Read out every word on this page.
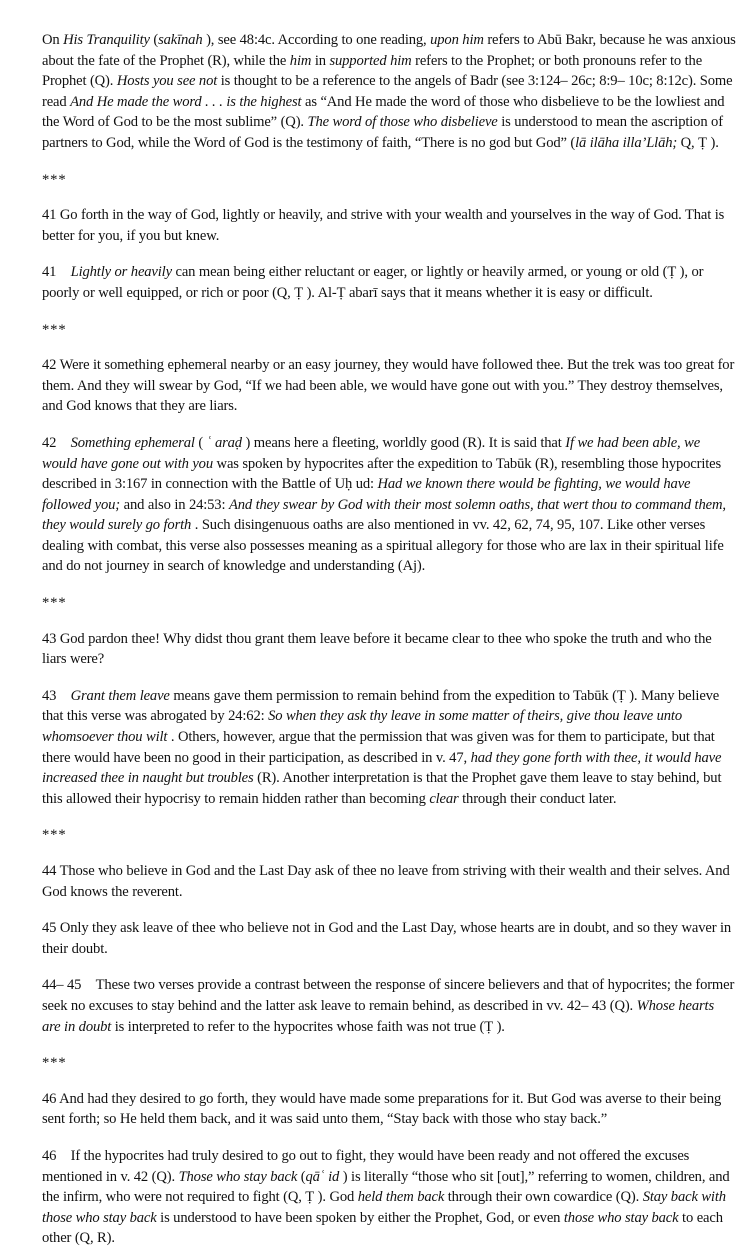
On His Tranquility (sakīnah ), see 48:4c. According to one reading, upon him refers to Abū Bakr, because he was anxious about the fate of the Prophet (R), while the him in supported him refers to the Prophet; or both pronouns refer to the Prophet (Q). Hosts you see not is thought to be a reference to the angels of Badr (see 3:124– 26c; 8:9– 10c; 8:12c). Some read And He made the word . . . is the highest as “And He made the word of those who disbelieve to be the lowliest and the Word of God to be the most sublime” (Q). The word of those who disbelieve is understood to mean the ascription of partners to God, while the Word of God is the testimony of faith, “There is no god but God” (lā ilāha illa’Llāh; Q, Ṭ ).

***

41 Go forth in the way of God, lightly or heavily, and strive with your wealth and yourselves in the way of God. That is better for you, if you but knew.

41 Lightly or heavily can mean being either reluctant or eager, or lightly or heavily armed, or young or old (Ṭ ), or poorly or well equipped, or rich or poor (Q, Ṭ ). Al-Ṭ abarī says that it means whether it is easy or difficult.

***

42 Were it something ephemeral nearby or an easy journey, they would have followed thee. But the trek was too great for them. And they will swear by God, “If we had been able, we would have gone out with you.” They destroy themselves, and God knows that they are liars.

42 Something ephemeral ( ʿ araḍ ) means here a fleeting, worldly good (R). It is said that If we had been able, we would have gone out with you was spoken by hypocrites after the expedition to Tabūk (R), resembling those hypocrites described in 3:167 in connection with the Battle of Uḥ ud: Had we known there would be fighting, we would have followed you; and also in 24:53: And they swear by God with their most solemn oaths, that wert thou to command them, they would surely go forth . Such disingenuous oaths are also mentioned in vv. 42, 62, 74, 95, 107. Like other verses dealing with combat, this verse also possesses meaning as a spiritual allegory for those who are lax in their spiritual life and do not journey in search of knowledge and understanding (Aj).

***

43 God pardon thee! Why didst thou grant them leave before it became clear to thee who spoke the truth and who the liars were?

43 Grant them leave means gave them permission to remain behind from the expedition to Tabūk (Ṭ ). Many believe that this verse was abrogated by 24:62: So when they ask thy leave in some matter of theirs, give thou leave unto whomsoever thou wilt . Others, however, argue that the permission that was given was for them to participate, but that there would have been no good in their participation, as described in v. 47, had they gone forth with thee, it would have increased thee in naught but troubles (R). Another interpretation is that the Prophet gave them leave to stay behind, but this allowed their hypocrisy to remain hidden rather than becoming clear through their conduct later.

***

44 Those who believe in God and the Last Day ask of thee no leave from striving with their wealth and their selves. And God knows the reverent.

45 Only they ask leave of thee who believe not in God and the Last Day, whose hearts are in doubt, and so they waver in their doubt.

44– 45 These two verses provide a contrast between the response of sincere believers and that of hypocrites; the former seek no excuses to stay behind and the latter ask leave to remain behind, as described in vv. 42– 43 (Q). Whose hearts are in doubt is interpreted to refer to the hypocrites whose faith was not true (Ṭ ).

***

46 And had they desired to go forth, they would have made some preparations for it. But God was averse to their being sent forth; so He held them back, and it was said unto them, “Stay back with those who stay back.”

46 If the hypocrites had truly desired to go out to fight, they would have been ready and not offered the excuses mentioned in v. 42 (Q). Those who stay back (qāʿ id ) is literally “those who sit [out],” referring to women, children, and the infirm, who were not required to fight (Q, Ṭ ). God held them back through their own cowardice (Q). Stay back with those who stay back is understood to have been spoken by either the Prophet, God, or even those who stay back to each other (Q, R).
